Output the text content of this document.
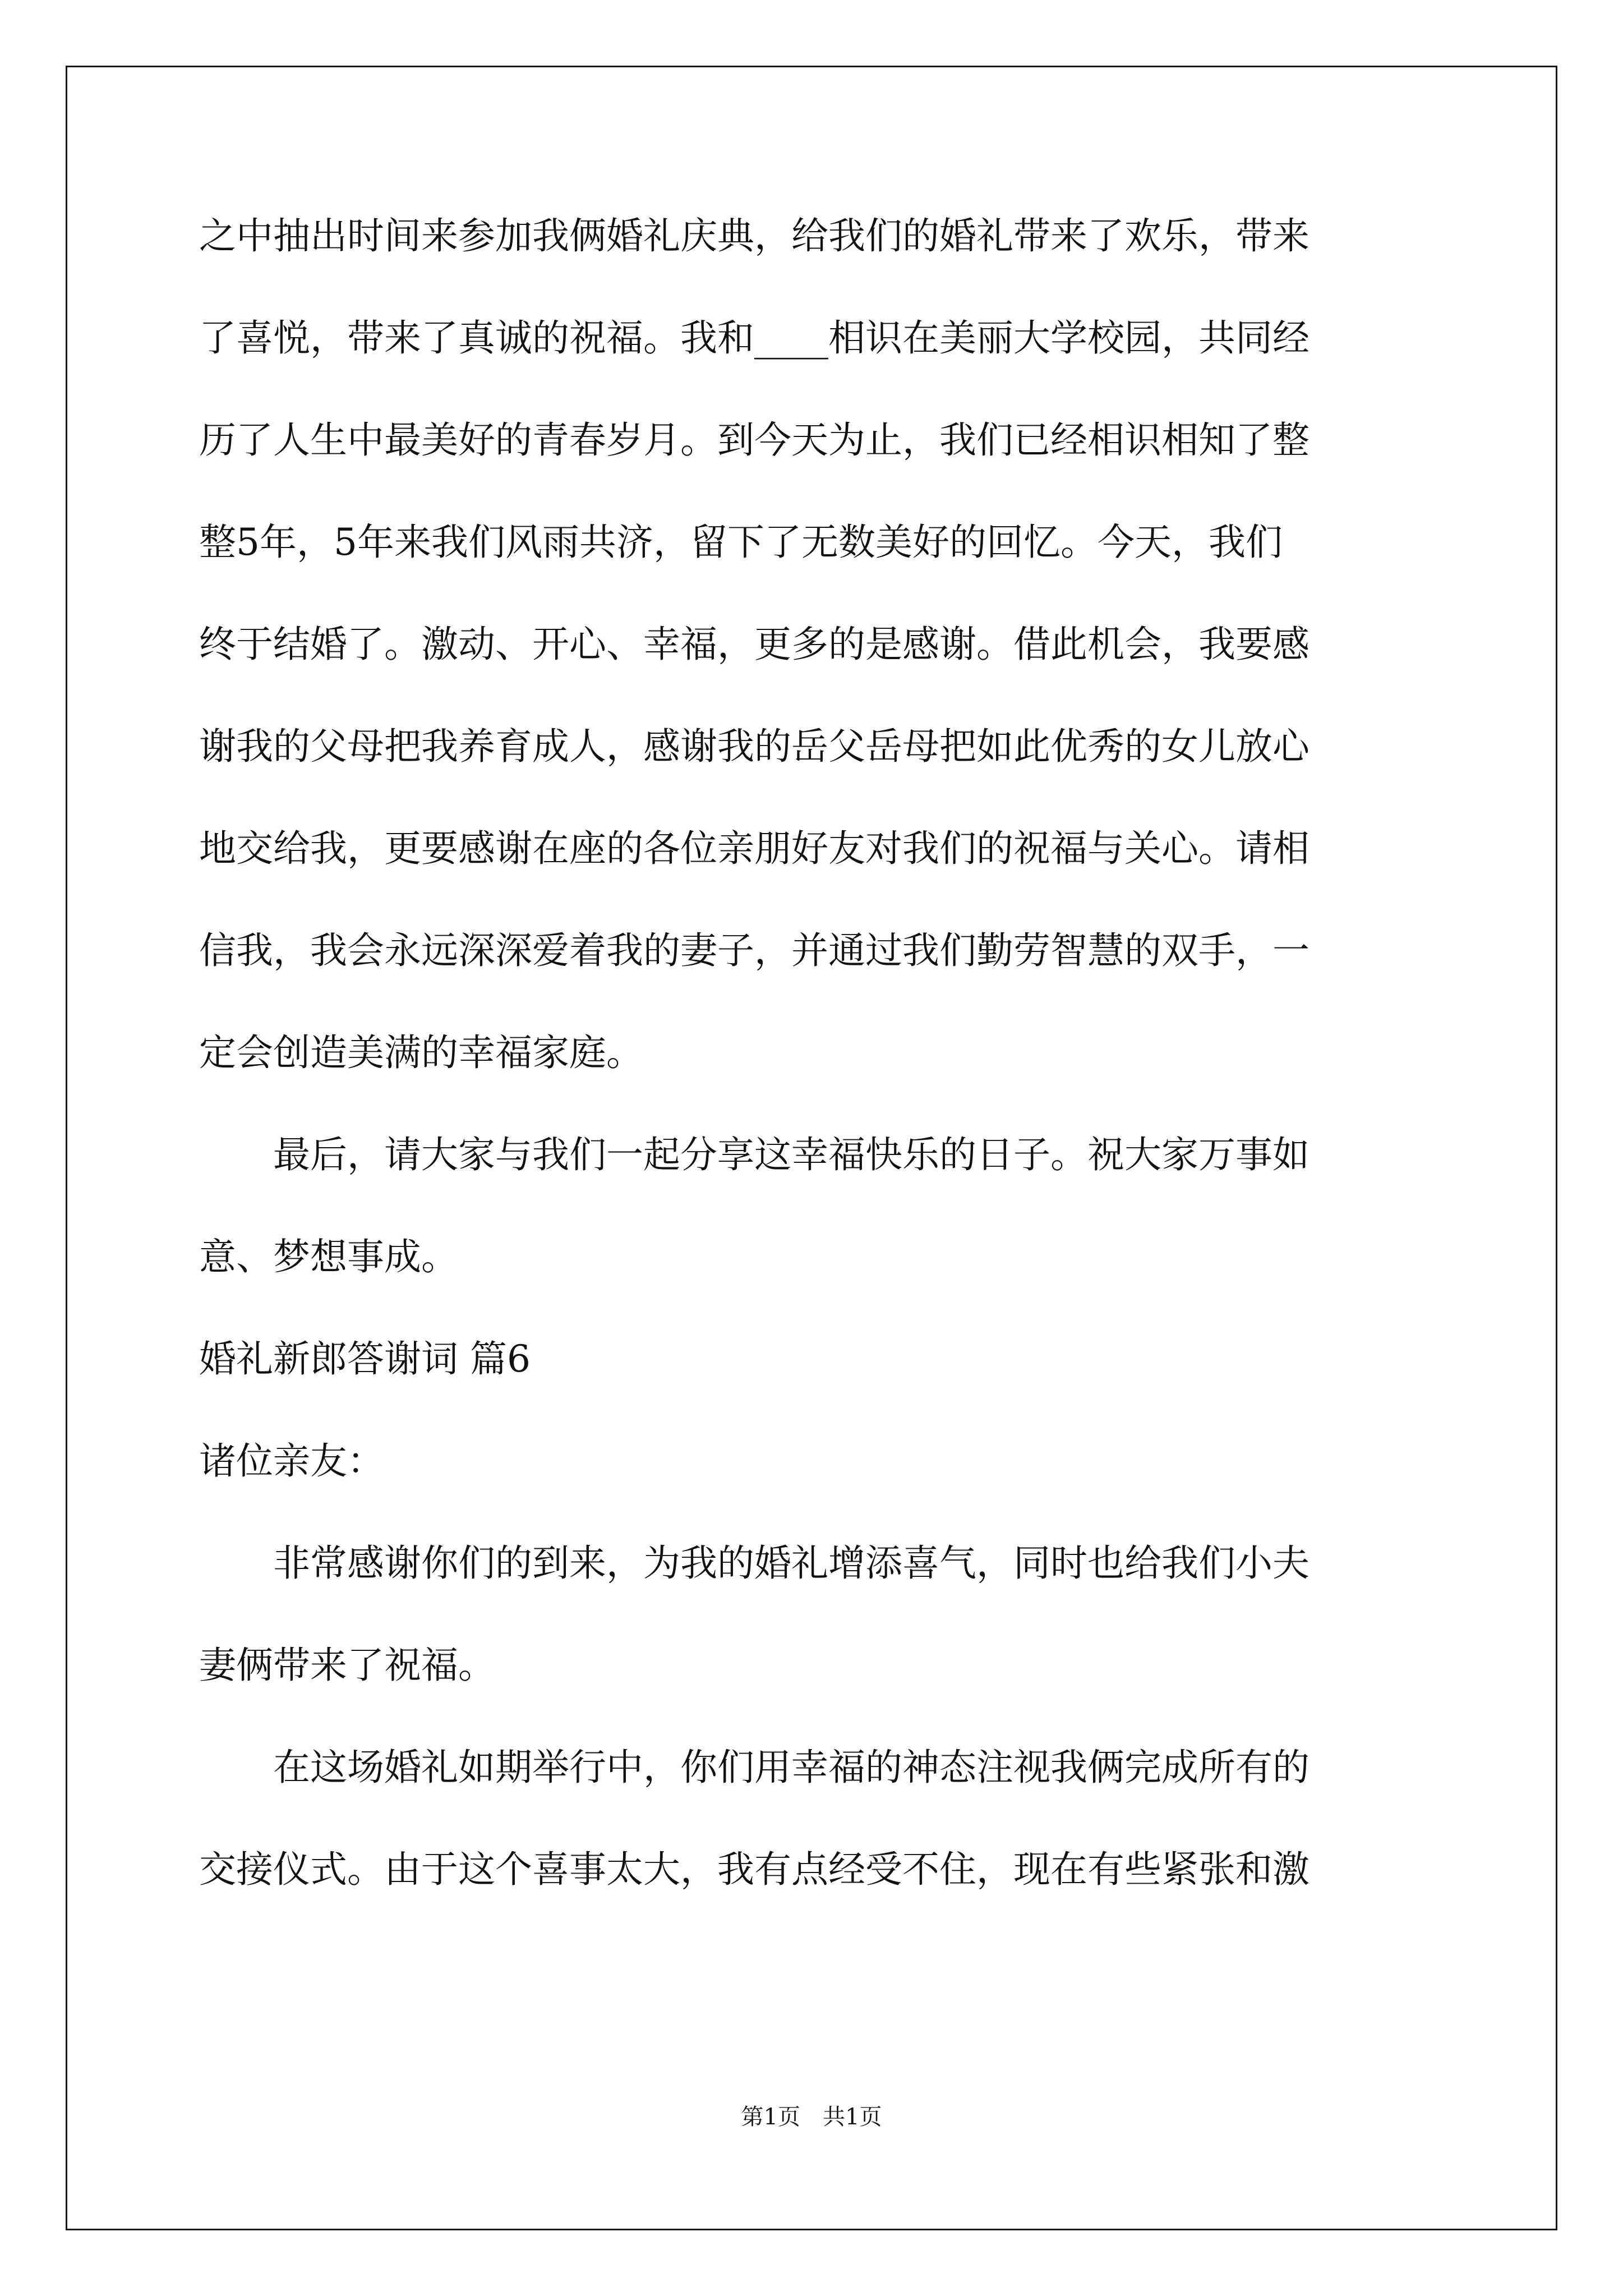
之中抽出时间来参加我俩婚礼庆典，给我们的婚礼带来了欢乐，带来
了喜悦，带来了真诚的祝福。我和____相识在美丽大学校园，共同经
历了人生中最美好的青春岁月。到今天为止，我们已经相识相知了整
整5年，5年来我们风雨共济，留下了无数美好的回忆。今天，我们
终于结婚了。激动、开心、幸福，更多的是感谢。借此机会，我要感
谢我的父母把我养育成人，感谢我的岳父岳母把如此优秀的女儿放心
地交给我，更要感谢在座的各位亲朋好友对我们的祝福与关心。请相
信我，我会永远深深爱着我的妻子，并通过我们勤劳智慧的双手，一
定会创造美满的幸福家庭。
　　最后，请大家与我们一起分享这幸福快乐的日子。祝大家万事如
意、梦想事成。
婚礼新郎答谢词 篇6
诸位亲友：
　　非常感谢你们的到来，为我的婚礼增添喜气，同时也给我们小夫
妻俩带来了祝福。
　　在这场婚礼如期举行中，你们用幸福的神态注视我俩完成所有的
交接仪式。由于这个喜事太大，我有点经受不住，现在有些紧张和激
第1页 共1页
